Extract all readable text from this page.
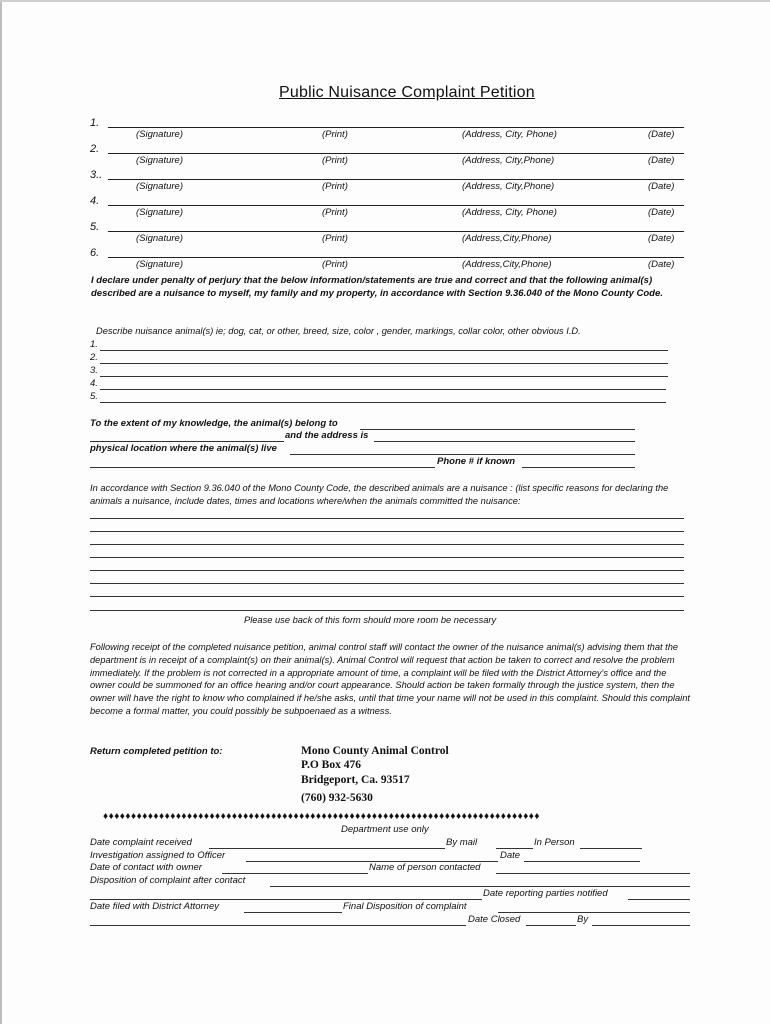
Public Nuisance Complaint Petition
1.
(Signature)	(Print)	(Address, City, Phone)	(Date)
2.
(Signature)	(Print)	(Address, City,Phone)	(Date)
3..
(Signature)	(Print)	(Address, City,Phone)	(Date)
4.
(Signature)	(Print)	(Address, City, Phone)	(Date)
5.
(Signature)	(Print)	(Address,City,Phone)	(Date)
6.
(Signature)	(Print)	(Address,City,Phone)	(Date)
I declare under penalty of perjury that the below information/statements are true and correct and that the following animal(s) described are a nuisance to myself, my family and my property, in accordance with Section 9.36.040 of the Mono County Code.
Describe nuisance animal(s) ie; dog, cat, or other, breed, size, color , gender, markings, collar color, other obvious I.D.
1.
2.
3.
4.
5.
To the extent of my knowledge, the animal(s) belong to
and the address is
physical location where the animal(s) live
Phone # if known
In accordance with Section 9.36.040 of the Mono County Code, the described animals are a nuisance : (list specific reasons for declaring the animals a nuisance, include dates, times and locations where/when the animals committed the nuisance:
Please use back of this form should more room be necessary
Following receipt of the completed nuisance petition, animal control staff will contact the owner of the nuisance animal(s) advising them that the department is in receipt of a complaint(s) on their animal(s). Animal Control will request that action be taken to correct and resolve the problem immediately. If the problem is not corrected in a appropriate amount of time, a complaint will be filed with the District Attorney's office and the owner could be summoned for an office hearing and/or court appearance. Should action be taken formally through the justice system, then the owner will have the right to know who complained if he/she asks, until that time your name will not be used in this complaint. Should this complaint become a formal matter, you could possibly be subpoenaed as a witness.
Return completed petition to:	Mono County Animal Control
P.O Box 476
Bridgeport, Ca. 93517
(760) 932-5630
♦♦♦♦♦♦♦♦♦♦♦♦♦♦♦♦♦♦♦♦♦♦♦♦♦♦♦♦♦♦♦♦♦♦♦♦♦♦♦♦♦♦♦♦♦♦♦♦♦♦♦♦♦♦♦♦♦♦♦♦♦♦♦♦♦♦♦♦♦♦♦♦♦♦♦♦♦♦
Department use only
Date complaint received	By mail	In Person
Investigation assigned to Officer	Date
Date of contact with owner	Name of person contacted
Disposition of complaint after contact
Date reporting parties notified
Date filed with District Attorney	Final Disposition of complaint
Date Closed	By
